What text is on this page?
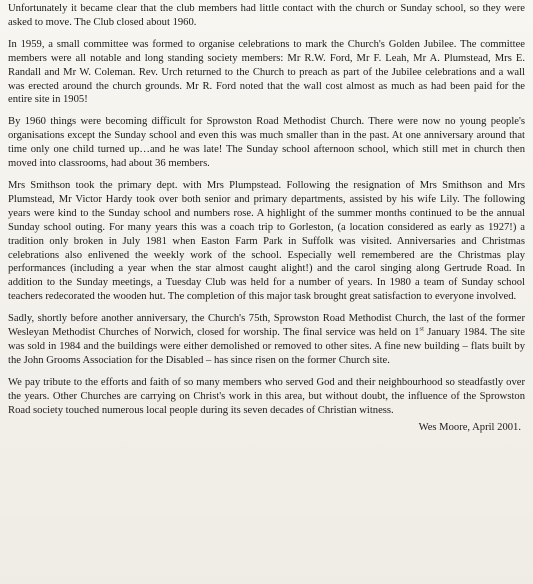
Unfortunately it became clear that the club members had little contact with the church or Sunday school, so they were asked to move. The Club closed about 1960.

In 1959, a small committee was formed to organise celebrations to mark the Church's Golden Jubilee. The committee members were all notable and long standing society members: Mr R.W. Ford, Mr F. Leah, Mr A. Plumstead, Mrs E. Randall and Mr W. Coleman. Rev. Urch returned to the Church to preach as part of the Jubilee celebrations and a wall was erected around the church grounds. Mr R. Ford noted that the wall cost almost as much as had been paid for the entire site in 1905!

By 1960 things were becoming difficult for Sprowston Road Methodist Church. There were now no young people's organisations except the Sunday school and even this was much smaller than in the past. At one anniversary around that time only one child turned up…and he was late! The Sunday school afternoon school, which still met in church then moved into classrooms, had about 36 members.

Mrs Smithson took the primary dept. with Mrs Plumpstead. Following the resignation of Mrs Smithson and Mrs Plumstead, Mr Victor Hardy took over both senior and primary departments, assisted by his wife Lily. The following years were kind to the Sunday school and numbers rose. A highlight of the summer months continued to be the annual Sunday school outing. For many years this was a coach trip to Gorleston, (a location considered as early as 1927!) a tradition only broken in July 1981 when Easton Farm Park in Suffolk was visited. Anniversaries and Christmas celebrations also enlivened the weekly work of the school. Especially well remembered are the Christmas play performances (including a year when the star almost caught alight!) and the carol singing along Gertrude Road. In addition to the Sunday meetings, a Tuesday Club was held for a number of years. In 1980 a team of Sunday school teachers redecorated the wooden hut. The completion of this major task brought great satisfaction to everyone involved.

Sadly, shortly before another anniversary, the Church's 75th, Sprowston Road Methodist Church, the last of the former Wesleyan Methodist Churches of Norwich, closed for worship. The final service was held on 1st January 1984. The site was sold in 1984 and the buildings were either demolished or removed to other sites. A fine new building – flats built by the John Grooms Association for the Disabled – has since risen on the former Church site.

We pay tribute to the efforts and faith of so many members who served God and their neighbourhood so steadfastly over the years. Other Churches are carrying on Christ's work in this area, but without doubt, the influence of the Sprowston Road society touched numerous local people during its seven decades of Christian witness.

Wes Moore, April 2001.
